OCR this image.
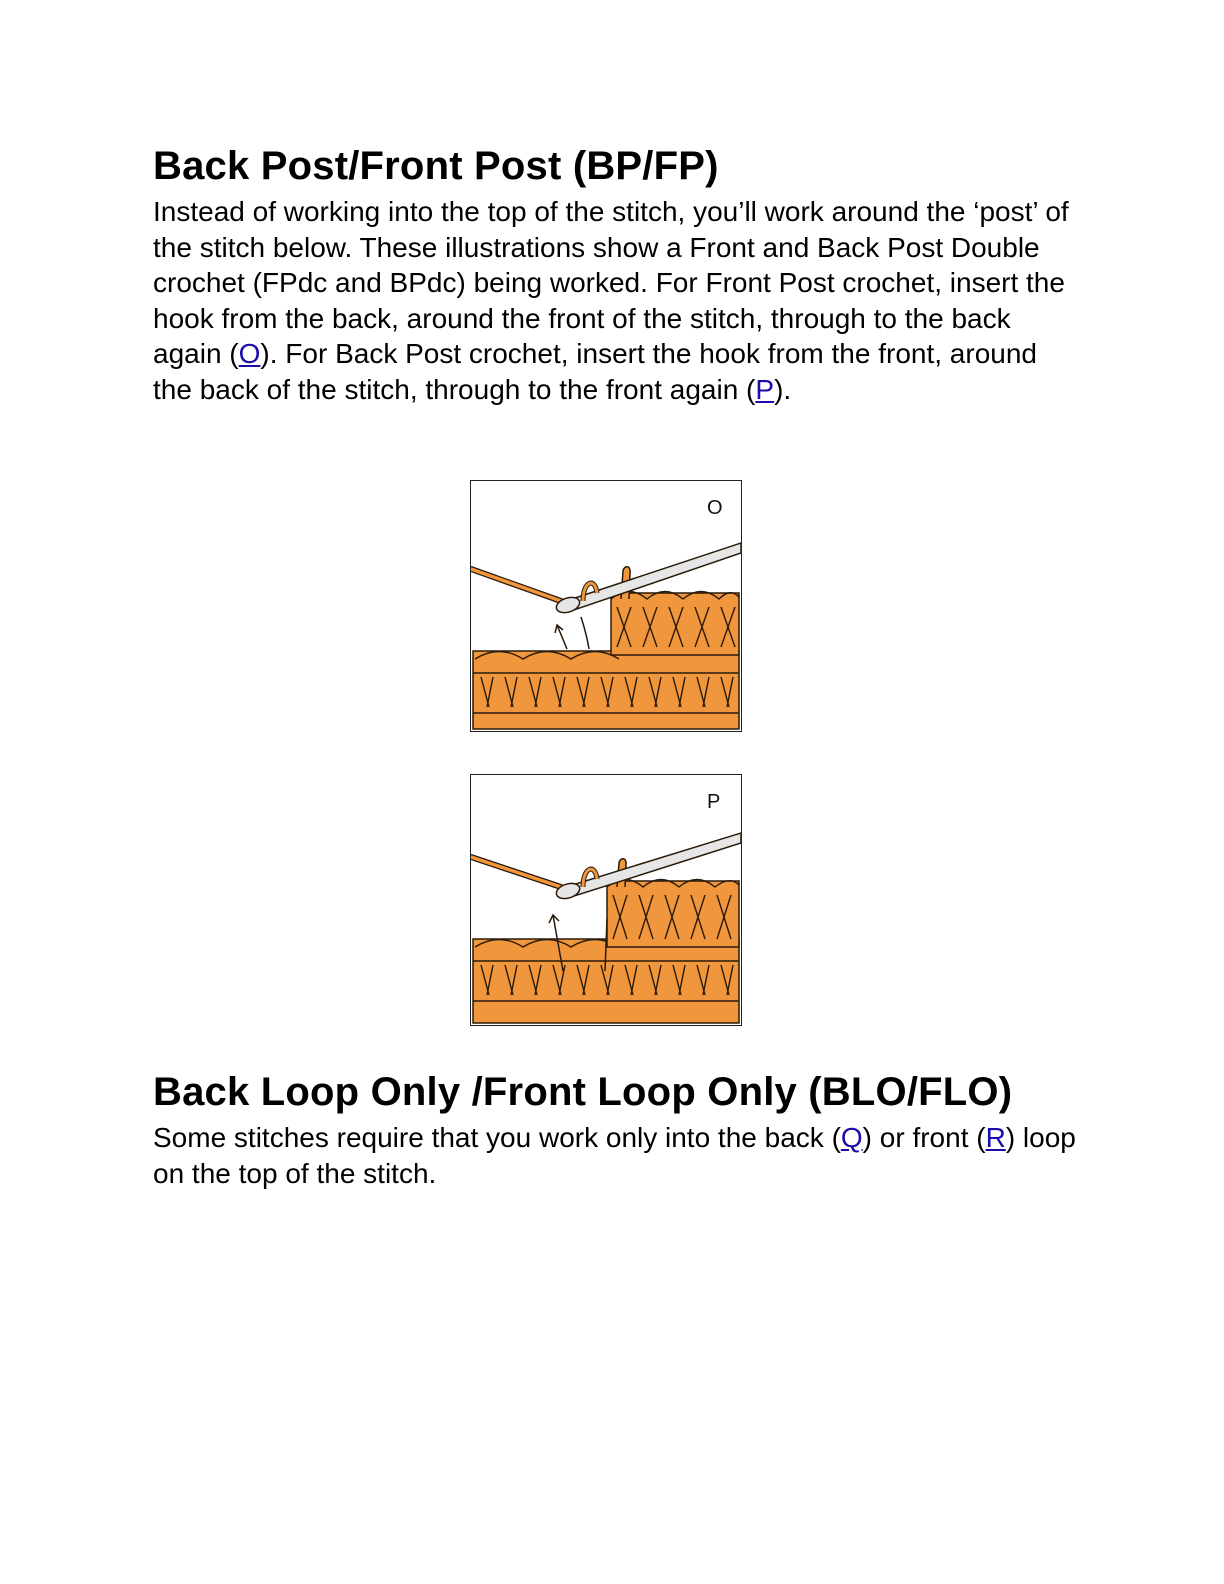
Back Post/Front Post (BP/FP)

Instead of working into the top of the stitch, you’ll work around the ‘post’ of the stitch below. These illustrations show a Front and Back Post Double crochet (FPdc and BPdc) being worked. For Front Post crochet, insert the hook from the back, around the front of the stitch, through to the back again (O). For Back Post crochet, insert the hook from the front, around the back of the stitch, through to the front again (P).

O
P
Back Loop Only /Front Loop Only (BLO/FLO)

Some stitches require that you work only into the back (Q) or front (R) loop on the top of the stitch.
